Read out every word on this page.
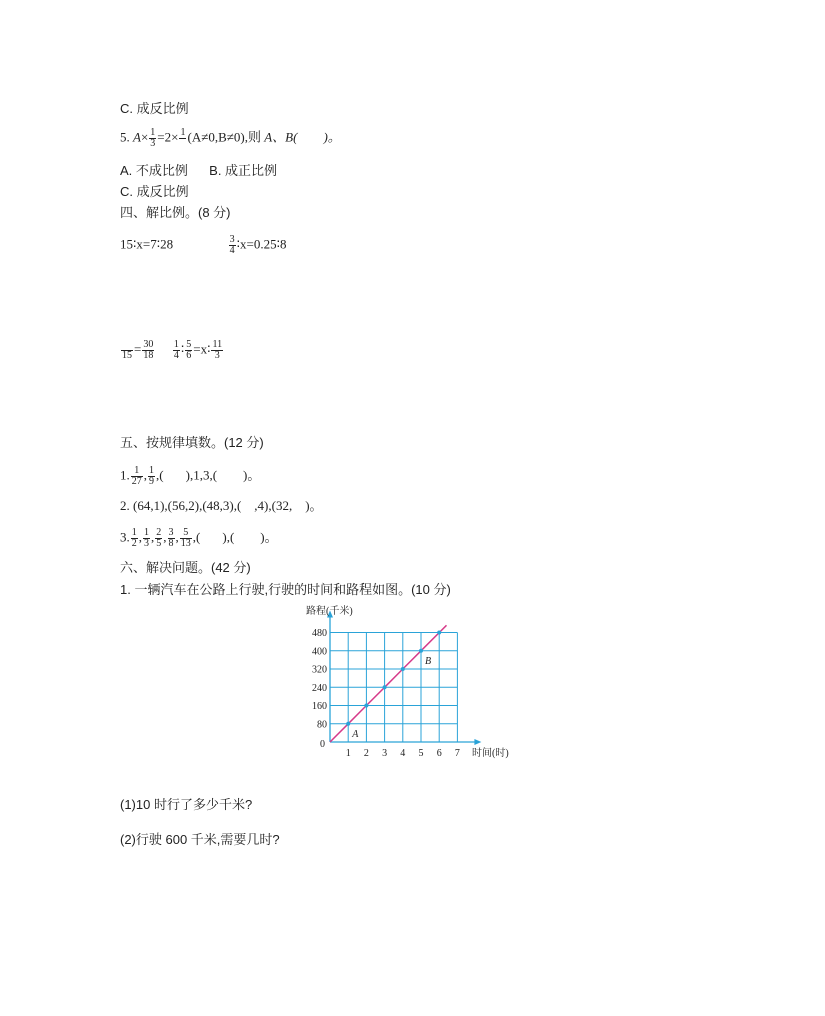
C. 成反比例
5. $A\times \frac{1}{3} =2\times 1$ (A≠0,B≠0),则 A、B(　　)。
A. 不成比例 B. 成正比例
C. 成反比例
四、解比例。(8 分)
15∶x=7∶28	$\frac{3}{4}$ ∶x=0.25∶8
$15 = \frac{30}{18}$
$\frac{1}{4}$ ∶ $\frac{5}{6}$ =x∶ $\frac{11}{3}$
五、按规律填数。(12 分)
1. $\frac{1}{27}$ , $\frac{1}{9}$ ,( ),1,3,(　　)。
2. (64,1),(56,2),(48,3),(　,4),(32,　)。
3. $\frac{1}{2}$ , $\frac{1}{3}$ , $\frac{2}{5}$ , $\frac{3}{8}$ , $\frac{5}{13}$ ,( ),(　　)。
六、解决问题。(42 分)
1. 一辆汽车在公路上行驶,行驶的时间和路程如图。(10 分)
1 2 3 4 5 6 7
80
160
240
320
400
480
A
B
路程(千米)
时间(时)
0
(1)10 时行了多少千米?
(2)行驶 600 千米,需要几时?
